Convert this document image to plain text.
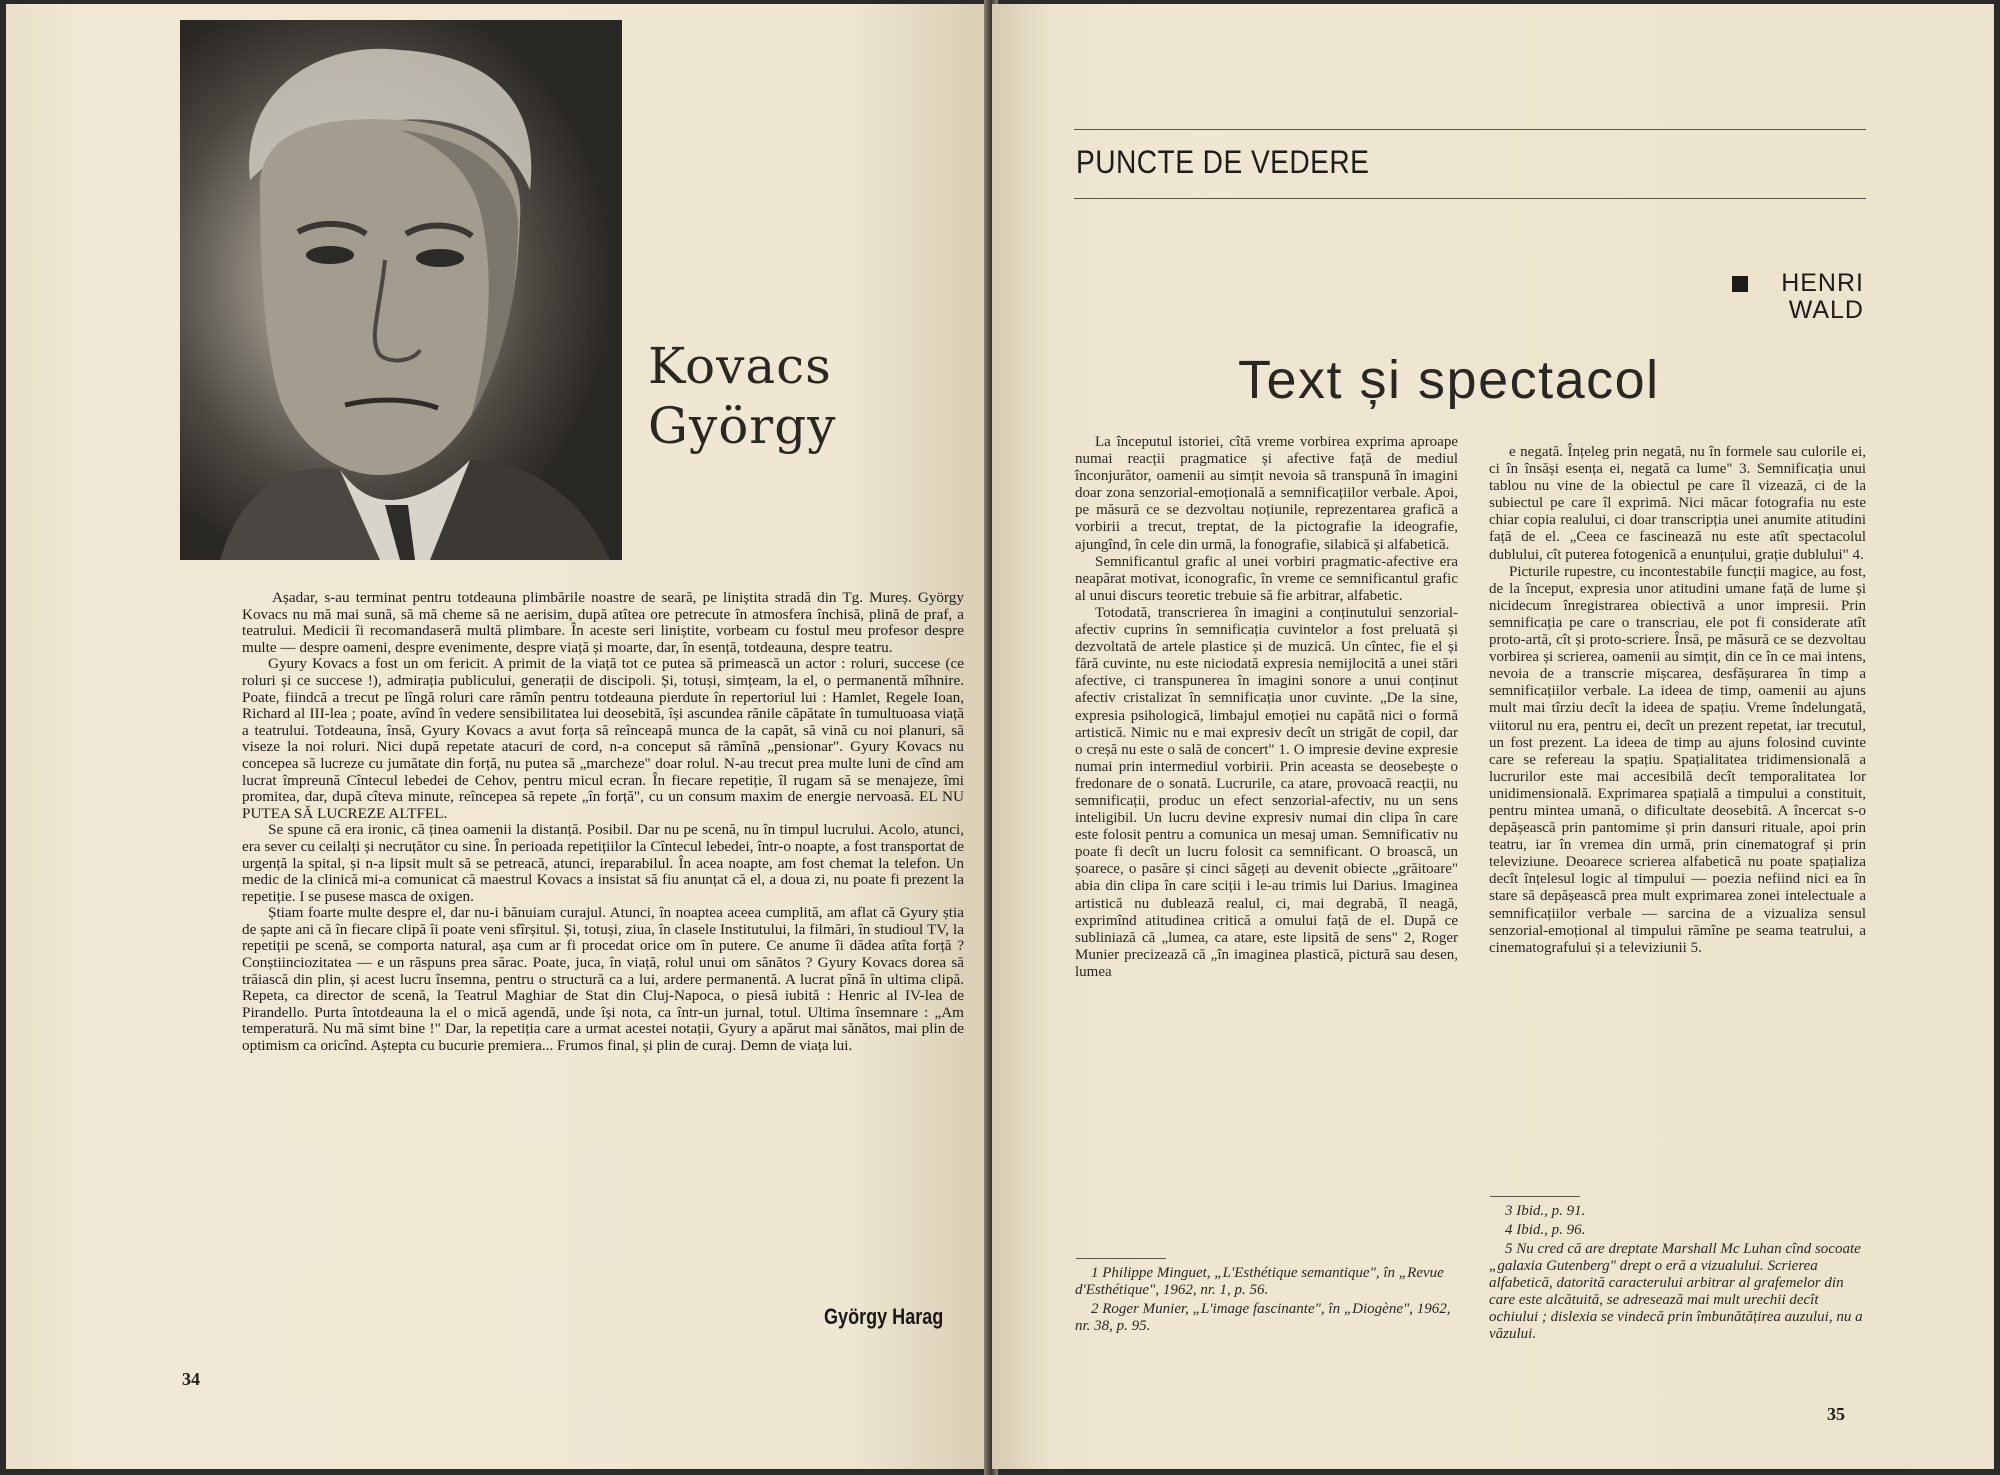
Kovacs
György

Așadar, s-au terminat pentru totdeauna plimbările noastre de seară, pe liniștita stradă din Tg. Mureș. György Kovacs nu mă mai sună, să mă cheme să ne aerisim, după atîtea ore petrecute în atmosfera închisă, plină de praf, a teatrului. Medicii îi recomandaseră multă plimbare. În aceste seri liniștite, vorbeam cu fostul meu profesor despre multe — despre oameni, despre evenimente, despre viață și moarte, dar, în esență, totdeauna, despre teatru.

Gyury Kovacs a fost un om fericit. A primit de la viață tot ce putea să primească un actor : roluri, succese (ce roluri și ce succese !), admirația publicului, generații de discipoli. Și, totuși, simțeam, la el, o permanentă mîhnire. Poate, fiindcă a trecut pe lîngă roluri care rămîn pentru totdeauna pierdute în repertoriul lui : Hamlet, Regele Ioan, Richard al III-lea ; poate, avînd în vedere sensibilitatea lui deosebită, își ascundea rănile căpătate în tumultuoasa viață a teatrului. Totdeauna, însă, Gyury Kovacs a avut forța să reînceapă munca de la capăt, să vină cu noi planuri, să viseze la noi roluri. Nici după repetate atacuri de cord, n-a conceput să rămînă „pensionar". Gyury Kovacs nu concepea să lucreze cu jumătate din forță, nu putea să „marcheze" doar rolul. N-au trecut prea multe luni de cînd am lucrat împreună Cîntecul lebedei de Cehov, pentru micul ecran. În fiecare repetiție, îl rugam să se menajeze, îmi promitea, dar, după cîteva minute, reîncepea să repete „în forță", cu un consum maxim de energie nervoasă. EL NU PUTEA SĂ LUCREZE ALTFEL.

Se spune că era ironic, că ținea oamenii la distanță. Posibil. Dar nu pe scenă, nu în timpul lucrului. Acolo, atunci, era sever cu ceilalți și necruțător cu sine. În perioada repetițiilor la Cîntecul lebedei, într-o noapte, a fost transportat de urgență la spital, și n-a lipsit mult să se petreacă, atunci, ireparabilul. În acea noapte, am fost chemat la telefon. Un medic de la clinică mi-a comunicat că maestrul Kovacs a insistat să fiu anunțat că el, a doua zi, nu poate fi prezent la repetiție. I se pusese masca de oxigen.

Știam foarte multe despre el, dar nu-i bănuiam curajul. Atunci, în noaptea aceea cumplită, am aflat că Gyury știa de șapte ani că în fiecare clipă îi poate veni sfîrșitul. Și, totuși, ziua, în clasele Institutului, la filmări, în studioul TV, la repetiții pe scenă, se comporta natural, așa cum ar fi procedat orice om în putere. Ce anume îi dădea atîta forță ? Conștiinciozitatea — e un răspuns prea sărac. Poate, juca, în viață, rolul unui om sănătos ? Gyury Kovacs dorea să trăiască din plin, și acest lucru însemna, pentru o structură ca a lui, ardere permanentă. A lucrat pînă în ultima clipă. Repeta, ca director de scenă, la Teatrul Maghiar de Stat din Cluj-Napoca, o piesă iubită : Henric al IV-lea de Pirandello. Purta întotdeauna la el o mică agendă, unde își nota, ca într-un jurnal, totul. Ultima însemnare : „Am temperatură. Nu mă simt bine !" Dar, la repetiția care a urmat acestei notații, Gyury a apărut mai sănătos, mai plin de optimism ca oricînd. Aștepta cu bucurie premiera... Frumos final, și plin de curaj. Demn de viața lui.

György Harag
34
PUNCTE DE VEDERE
HENRI
WALD
Text și spectacol

La începutul istoriei, cîtă vreme vorbirea exprima aproape numai reacții pragmatice și afective față de mediul înconjurător, oamenii au simțit nevoia să transpună în imagini doar zona senzorial-emoțională a semnificațiilor verbale. Apoi, pe măsură ce se dezvoltau noțiunile, reprezentarea grafică a vorbirii a trecut, treptat, de la pictografie la ideografie, ajungînd, în cele din urmă, la fonografie, silabică și alfabetică.

Semnificantul grafic al unei vorbiri pragmatic-afective era neapărat motivat, iconografic, în vreme ce semnificantul grafic al unui discurs teoretic trebuie să fie arbitrar, alfabetic.

Totodată, transcrierea în imagini a conținutului senzorial-afectiv cuprins în semnificația cuvintelor a fost preluată și dezvoltată de artele plastice și de muzică. Un cîntec, fie el și fără cuvinte, nu este niciodată expresia nemijlocită a unei stări afective, ci transpunerea în imagini sonore a unui conținut afectiv cristalizat în semnificația unor cuvinte. „De la sine, expresia psihologică, limbajul emoției nu capătă nici o formă artistică. Nimic nu e mai expresiv decît un strigăt de copil, dar o creșă nu este o sală de concert" 1. O impresie devine expresie numai prin intermediul vorbirii. Prin aceasta se deosebește o fredonare de o sonată. Lucrurile, ca atare, provoacă reacții, nu semnificații, produc un efect senzorial-afectiv, nu un sens inteligibil. Un lucru devine expresiv numai din clipa în care este folosit pentru a comunica un mesaj uman. Semnificativ nu poate fi decît un lucru folosit ca semnificant. O broască, un șoarece, o pasăre și cinci săgeți au devenit obiecte „grăitoare" abia din clipa în care sciții i le-au trimis lui Darius. Imaginea artistică nu dublează realul, ci, mai degrabă, îl neagă, exprimînd atitudinea critică a omului față de el. După ce subliniază că „lumea, ca atare, este lipsită de sens" 2, Roger Munier precizează că „în imaginea plastică, pictură sau desen, lumea

e negată. Înțeleg prin negată, nu în formele sau culorile ei, ci în însăși esența ei, negată ca lume" 3. Semnificația unui tablou nu vine de la obiectul pe care îl vizează, ci de la subiectul pe care îl exprimă. Nici măcar fotografia nu este chiar copia realului, ci doar transcripția unei anumite atitudini față de el. „Ceea ce fascinează nu este atît spectacolul dublului, cît puterea fotogenică a enunțului, grație dublului" 4.

Picturile rupestre, cu incontestabile funcții magice, au fost, de la început, expresia unor atitudini umane față de lume și nicidecum înregistrarea obiectivă a unor impresii. Prin semnificația pe care o transcriau, ele pot fi considerate atît proto-artă, cît și proto-scriere. Însă, pe măsură ce se dezvoltau vorbirea și scrierea, oamenii au simțit, din ce în ce mai intens, nevoia de a transcrie mișcarea, desfășurarea în timp a semnificațiilor verbale. La ideea de timp, oamenii au ajuns mult mai tîrziu decît la ideea de spațiu. Vreme îndelungată, viitorul nu era, pentru ei, decît un prezent repetat, iar trecutul, un fost prezent. La ideea de timp au ajuns folosind cuvinte care se refereau la spațiu. Spațialitatea tridimensională a lucrurilor este mai accesibilă decît temporalitatea lor unidimensională. Exprimarea spațială a timpului a constituit, pentru mintea umană, o dificultate deosebită. A încercat s-o depășească prin pantomime și prin dansuri rituale, apoi prin teatru, iar în vremea din urmă, prin cinematograf și prin televiziune. Deoarece scrierea alfabetică nu poate spațializa decît înțelesul logic al timpului — poezia nefiind nici ea în stare să depășească prea mult exprimarea zonei intelectuale a semnificațiilor verbale — sarcina de a vizualiza sensul senzorial-emoțional al timpului rămîne pe seama teatrului, a cinematografului și a televiziunii 5.

1 Philippe Minguet, „L'Esthétique semantique", în „Revue d'Esthétique", 1962, nr. 1, p. 56.

2 Roger Munier, „L'image fascinante", în „Diogène", 1962, nr. 38, p. 95.

3 Ibid., p. 91.

4 Ibid., p. 96.

5 Nu cred că are dreptate Marshall Mc Luhan cînd socoate „galaxia Gutenberg" drept o eră a vizualului. Scrierea alfabetică, datorită caracterului arbitrar al grafemelor din care este alcătuită, se adresează mai mult urechii decît ochiului ; dislexia se vindecă prin îmbunătățirea auzului, nu a văzului.

35
